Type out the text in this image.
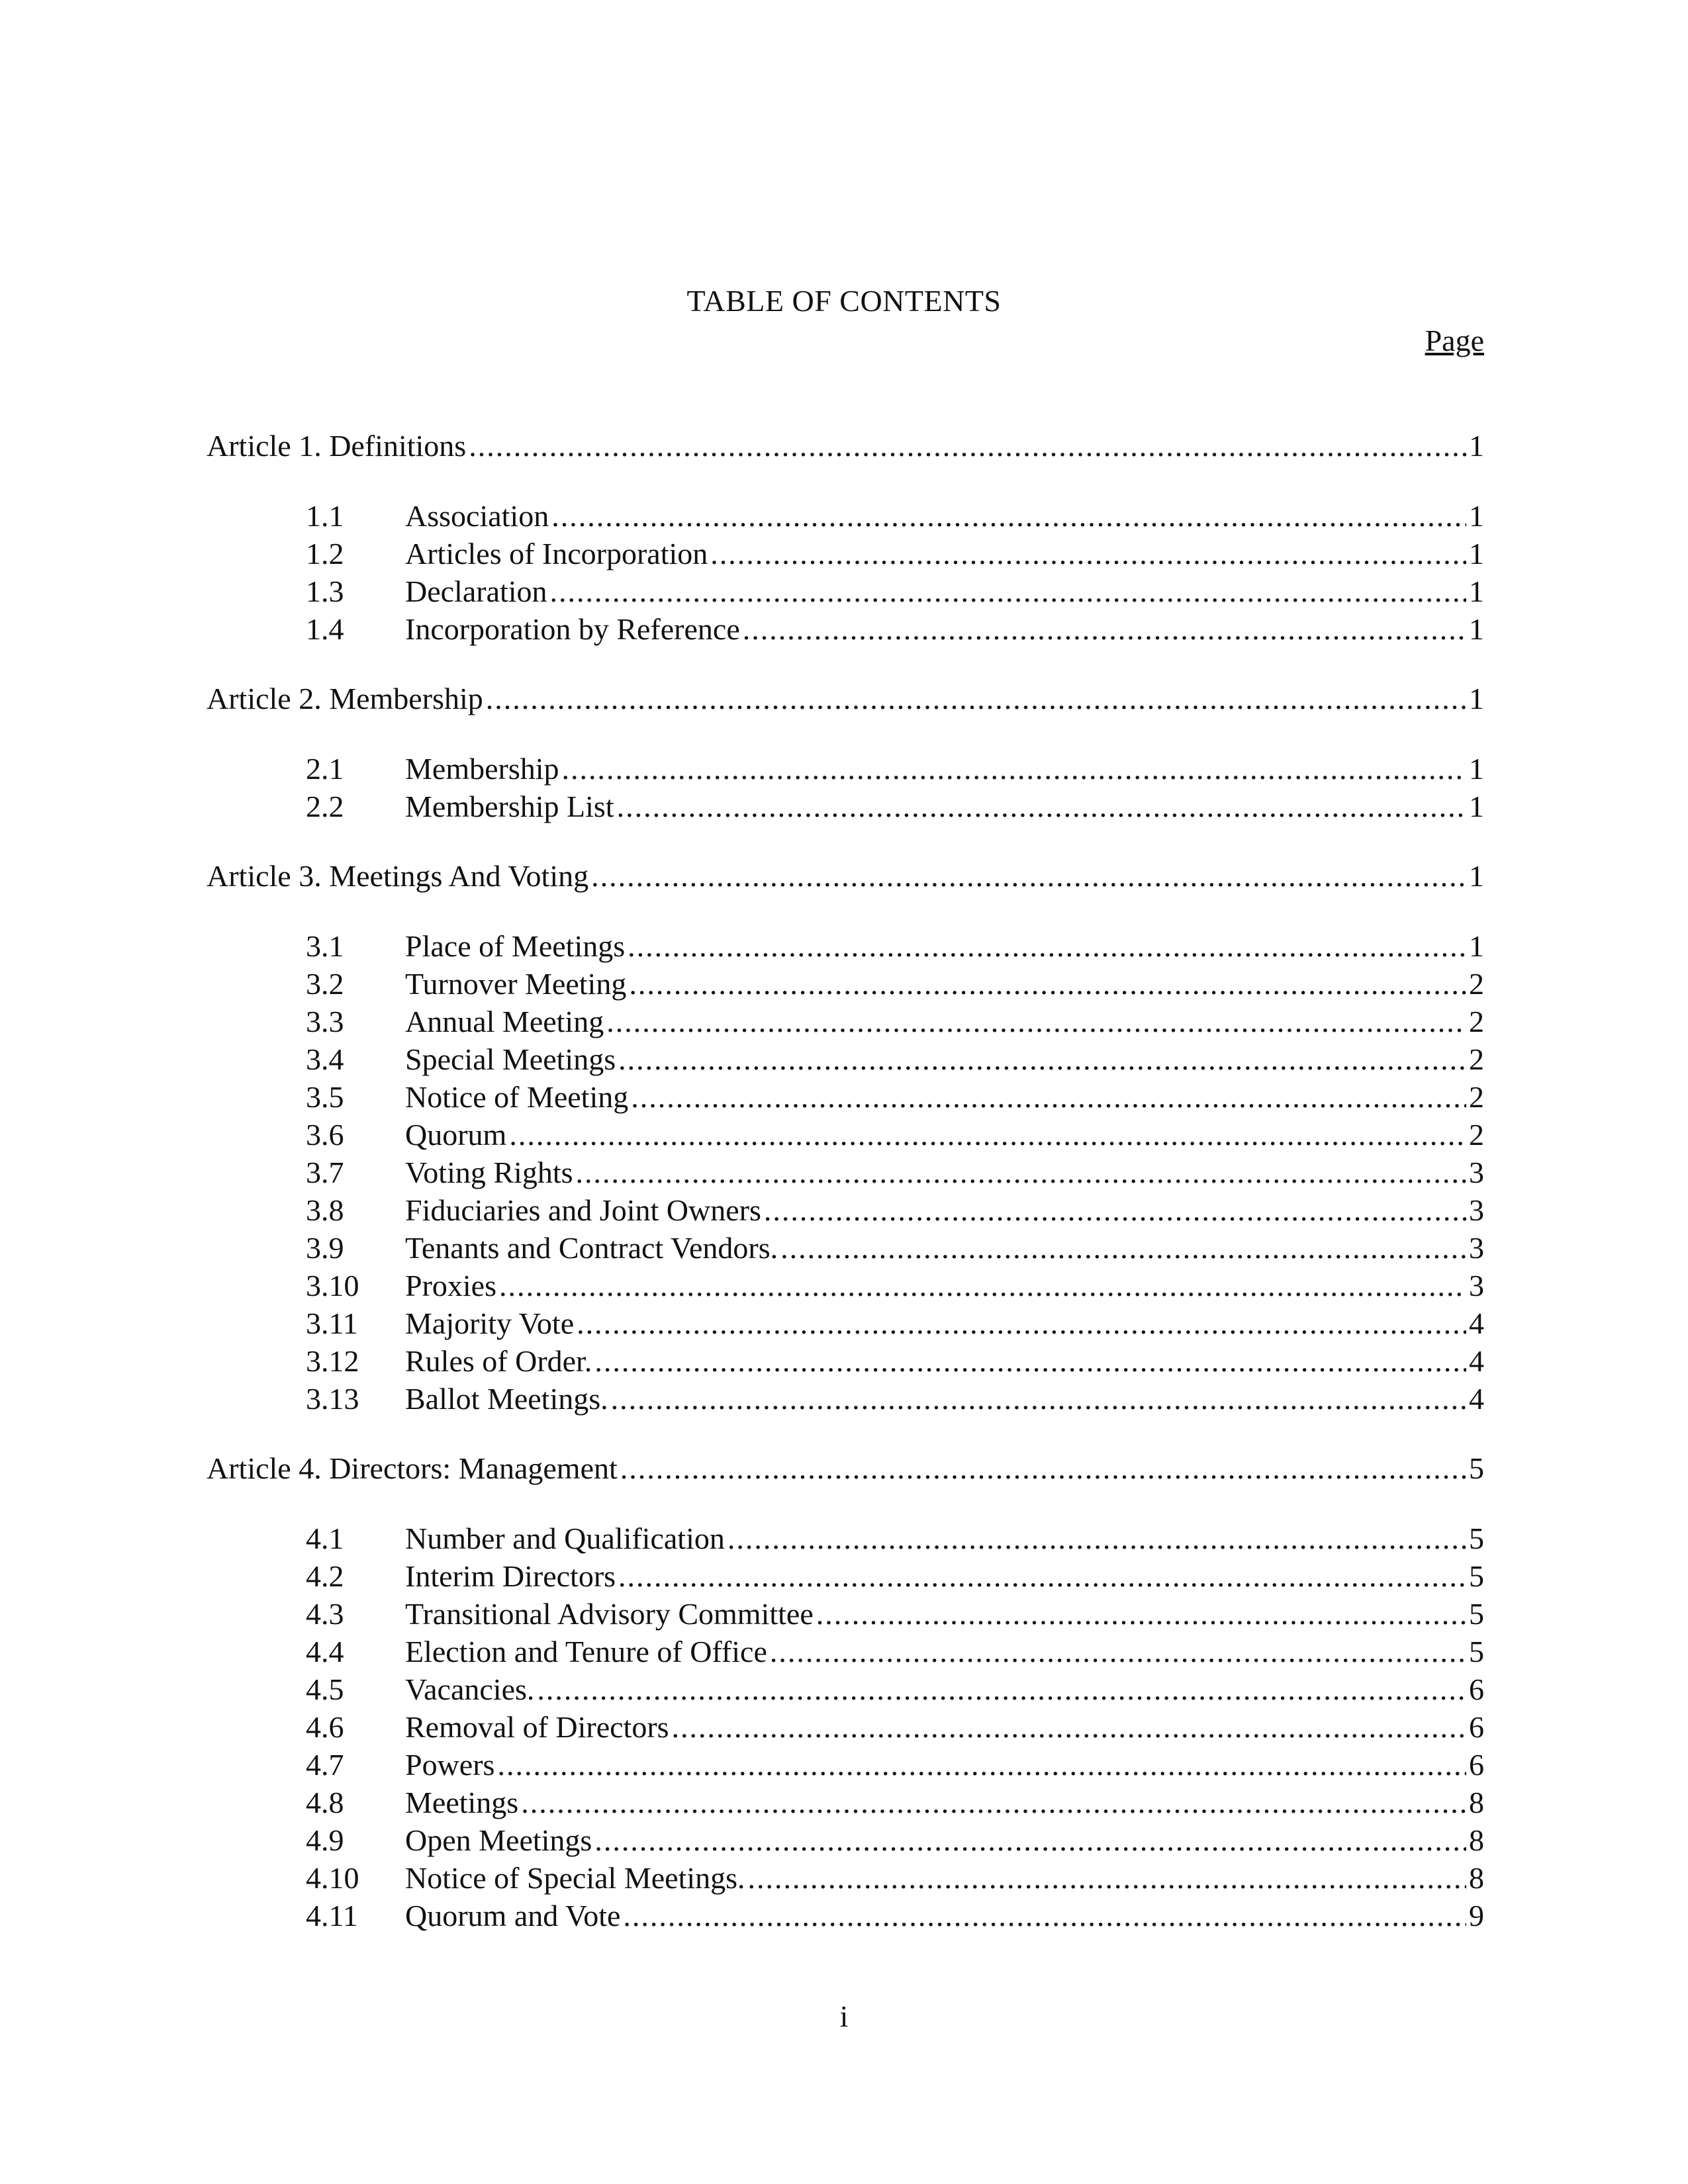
TABLE OF CONTENTS
Page
Article 1. Definitions .....	1
1.1	Association .....	1
1.2	Articles of Incorporation .....	1
1.3	Declaration .....	1
1.4	Incorporation by Reference .....	1
Article 2. Membership .....	1
2.1	Membership .....	1
2.2	Membership List .....	1
Article 3. Meetings And Voting .....	1
3.1	Place of Meetings .....	1
3.2	Turnover Meeting .....	2
3.3	Annual Meeting .....	2
3.4	Special Meetings .....	2
3.5	Notice of Meeting .....	2
3.6	Quorum .....	2
3.7	Voting Rights .....	3
3.8	Fiduciaries and Joint Owners .....	3
3.9	Tenants and Contract Vendors. .....	3
3.10	Proxies .....	3
3.11	Majority Vote .....	4
3.12	Rules of Order. .....	4
3.13	Ballot Meetings. .....	4
Article 4. Directors: Management .....	5
4.1	Number and Qualification .....	5
4.2	Interim Directors .....	5
4.3	Transitional Advisory Committee .....	5
4.4	Election and Tenure of Office .....	5
4.5	Vacancies. .....	6
4.6	Removal of Directors .....	6
4.7	Powers .....	6
4.8	Meetings .....	8
4.9	Open Meetings .....	8
4.10	Notice of Special Meetings. .....	8
4.11	Quorum and Vote .....	9
i
